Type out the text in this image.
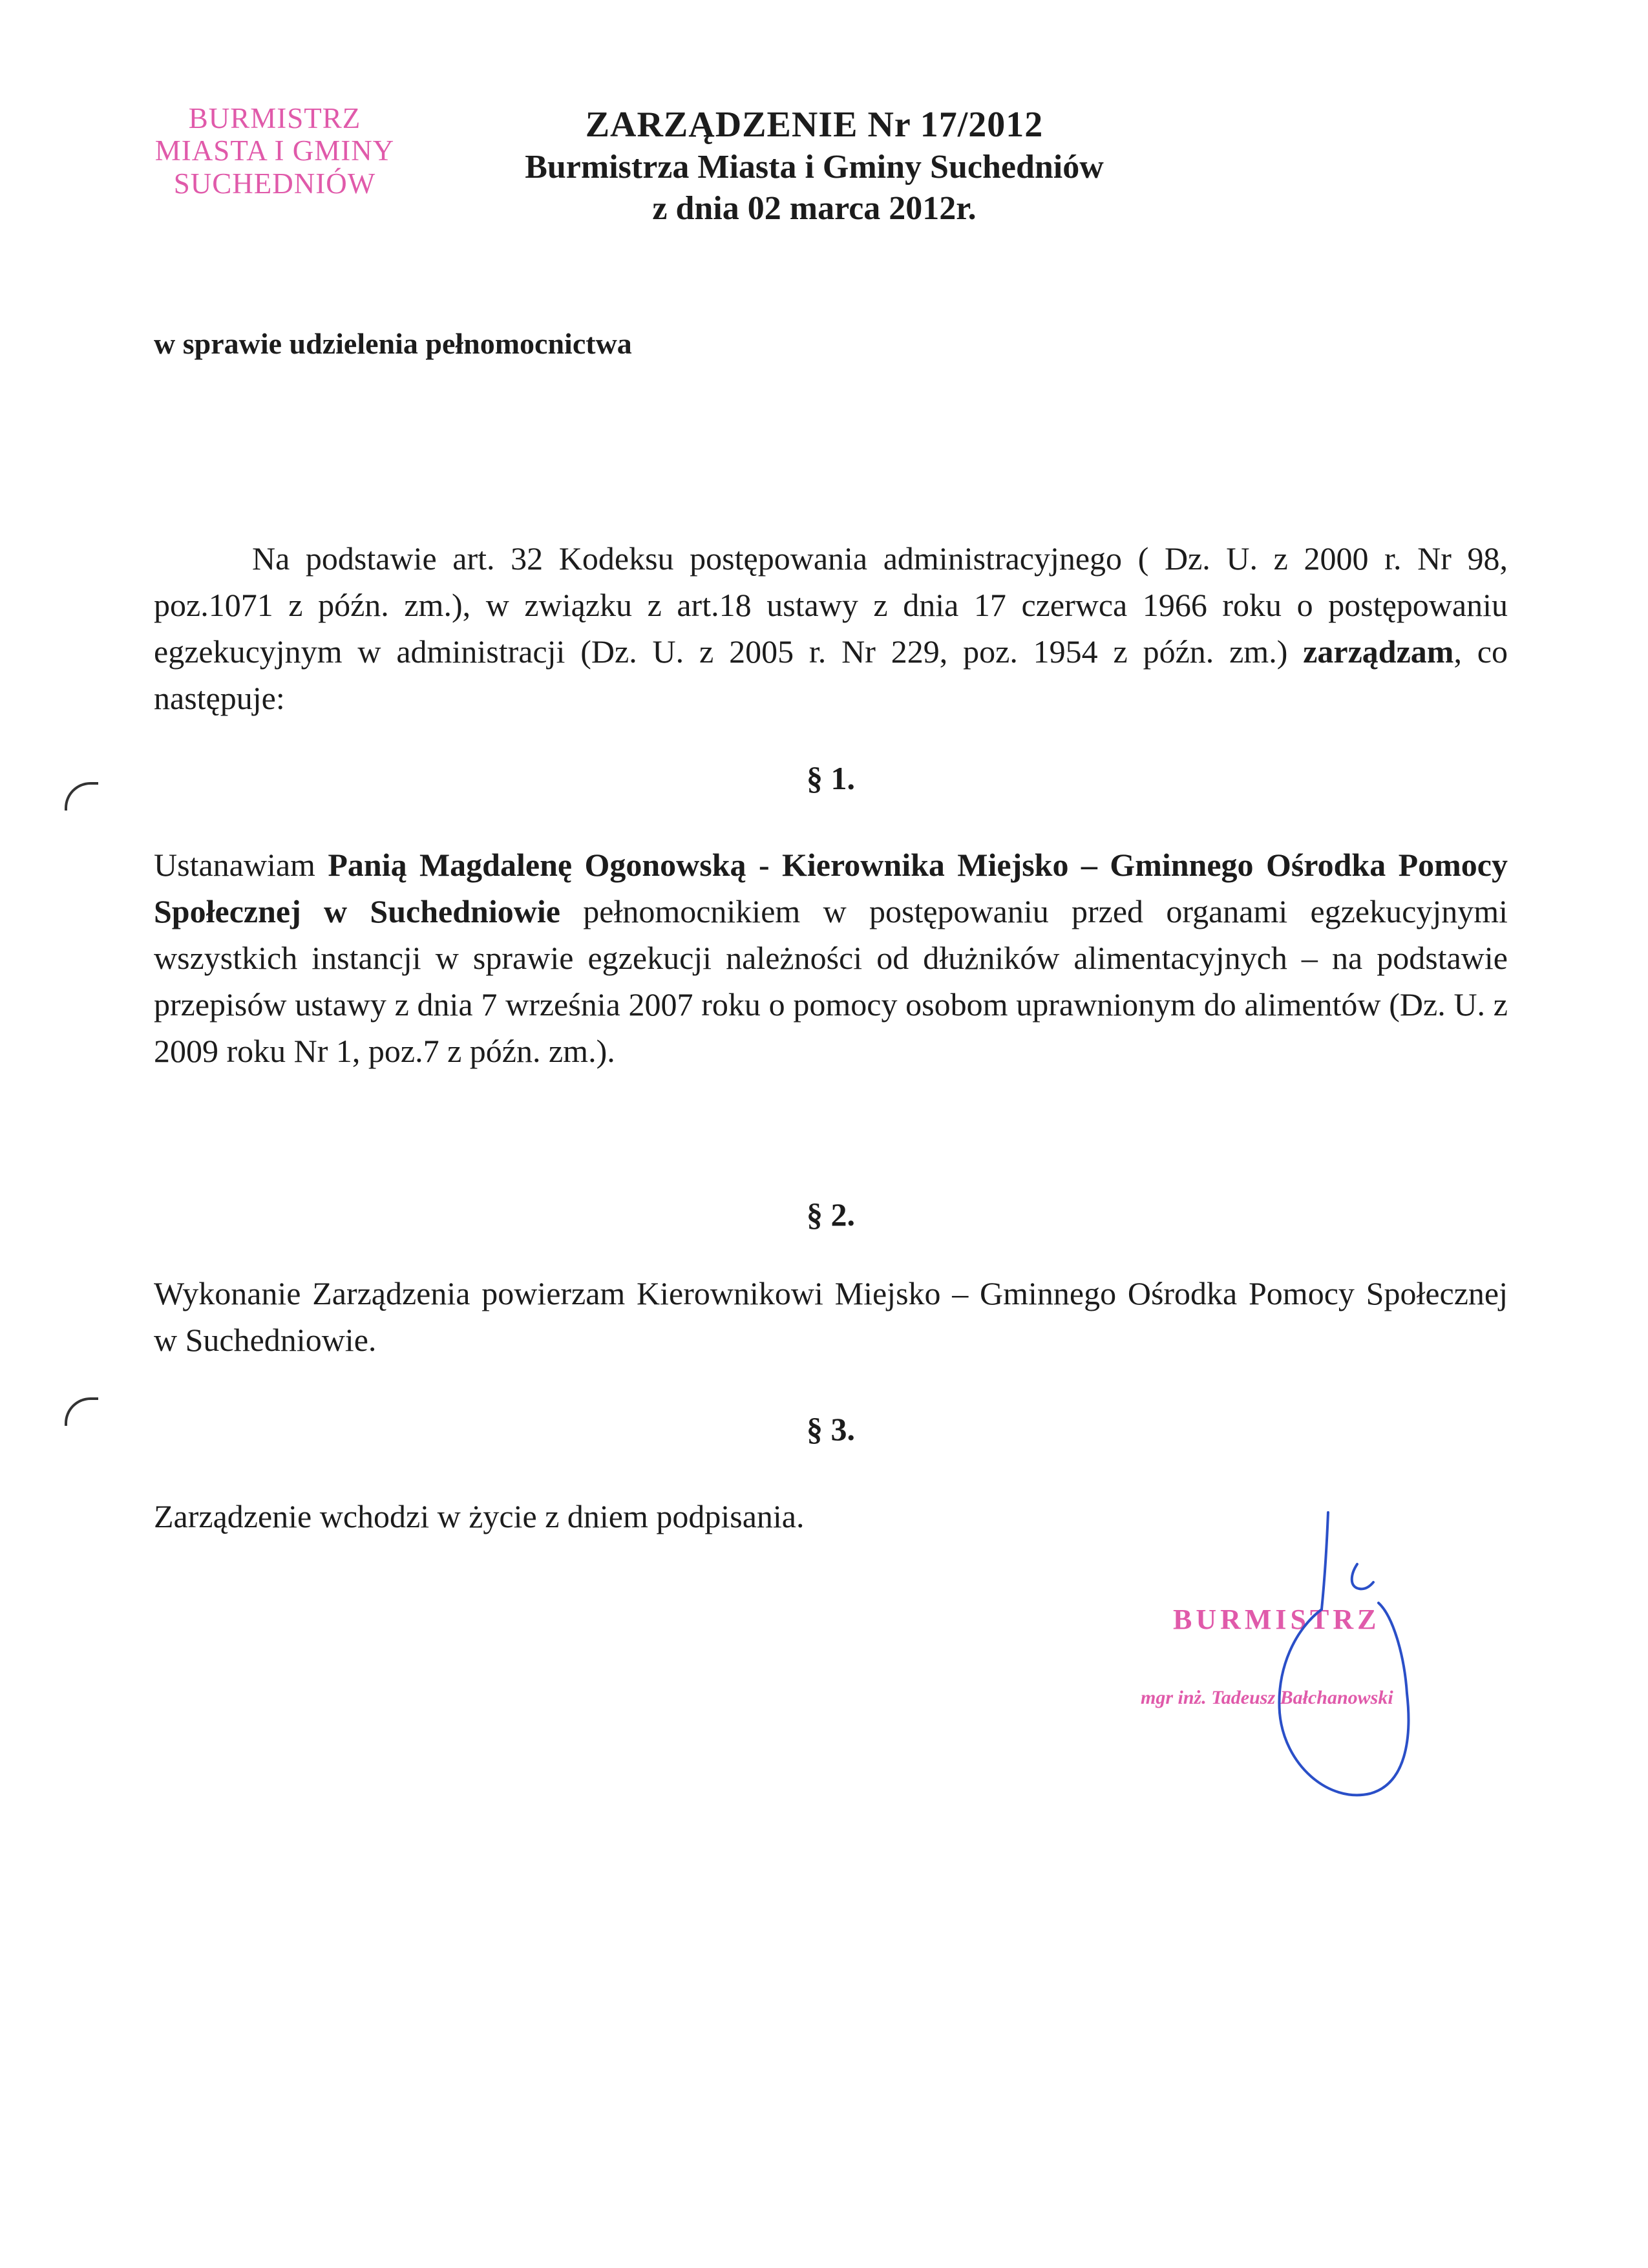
BURMISTRZ
MIASTA I GMINY
SUCHEDNIÓW
ZARZĄDZENIE Nr 17/2012
Burmistrza Miasta i Gminy Suchedniów
z dnia 02 marca 2012r.
w sprawie udzielenia pełnomocnictwa
Na podstawie art. 32 Kodeksu postępowania administracyjnego ( Dz. U. z 2000 r. Nr 98, poz.1071 z późn. zm.), w związku z art.18 ustawy z dnia 17 czerwca 1966 roku o postępowaniu egzekucyjnym w administracji (Dz. U. z 2005 r. Nr 229, poz. 1954 z późn. zm.) zarządzam, co następuje:
§ 1.
Ustanawiam Panią Magdalenę Ogonowską - Kierownika Miejsko – Gminnego Ośrodka Pomocy Społecznej w Suchedniowie pełnomocnikiem w postępowaniu przed organami egzekucyjnymi wszystkich instancji w sprawie egzekucji należności od dłużników alimentacyjnych – na podstawie przepisów ustawy z dnia 7 września 2007 roku o pomocy osobom uprawnionym do alimentów (Dz. U. z 2009 roku Nr 1, poz.7 z późn. zm.).
§ 2.
Wykonanie Zarządzenia powierzam Kierownikowi Miejsko – Gminnego Ośrodka Pomocy Społecznej w Suchedniowie.
§ 3.
Zarządzenie wchodzi w życie z dniem podpisania.
BURMISTRZ
mgr inż. Tadeusz Bałchanowski
